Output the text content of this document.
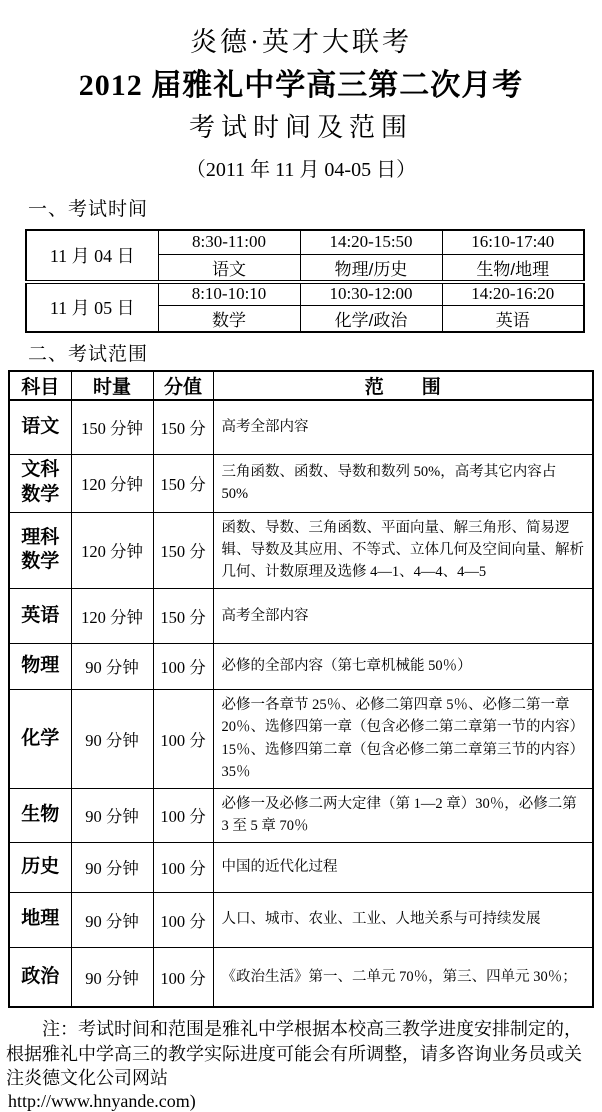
炎德·英才大联考
2012 届雅礼中学高三第二次月考
考试时间及范围
（2011 年 11 月 04-05 日）
一、考试时间
11 月 04 日	8:30-11:00	14:20-15:50	16:10-17:40
	语文	物理/历史	生物/地理
11 月 05 日	8:10-10:10	10:30-12:00	14:20-16:20
	数学	化学/政治	英语
二、考试范围
科目	时量	分值	范　　围
语文	150 分钟	150 分	高考全部内容
文科数学	120 分钟	150 分	三角函数、函数、导数和数列 50%，高考其它内容占 50%
理科数学	120 分钟	150 分	函数、导数、三角函数、平面向量、解三角形、简易逻辑、导数及其应用、不等式、立体几何及空间向量、解析几何、计数原理及选修 4—1、4—4、4—5
英语	120 分钟	150 分	高考全部内容
物理	90 分钟	100 分	必修的全部内容（第七章机械能 50％）
化学	90 分钟	100 分	必修一各章节 25％、必修二第四章 5％、必修二第一章 20％、选修四第一章（包含必修二第二章第一节的内容）15％、选修四第二章（包含必修二第二章第三节的内容）35％
生物	90 分钟	100 分	必修一及必修二两大定律（第 1—2 章）30％，必修二第 3 至 5 章 70％
历史	90 分钟	100 分	中国的近代化过程
地理	90 分钟	100 分	人口、城市、农业、工业、人地关系与可持续发展
政治	90 分钟	100 分	《政治生活》第一、二单元 70％，第三、四单元 30％；
注：考试时间和范围是雅礼中学根据本校高三教学进度安排制定的，根据雅礼中学高三的教学实际进度可能会有所调整，请多咨询业务员或关注炎德文化公司网站
http://www.hnyande.com)
